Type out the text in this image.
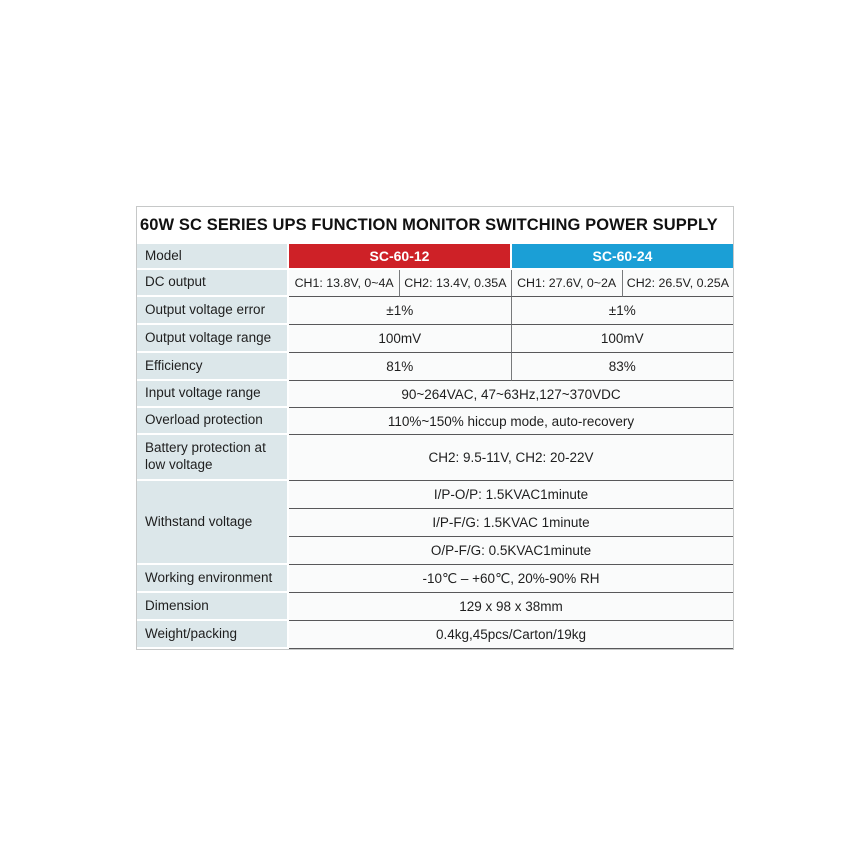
60W SC SERIES UPS FUNCTION MONITOR SWITCHING POWER SUPPLY
Model	SC-60-12	SC-60-24
DC output	CH1: 13.8V, 0~4A CH2: 13.4V, 0.35A CH1: 27.6V, 0~2A CH2: 26.5V, 0.25A
Output voltage error	±1%	±1%
Output voltage range	100mV	100mV
Efficiency	81%	83%
Input voltage range	90~264VAC, 47~63Hz,127~370VDC
Overload protection	110%~150% hiccup mode, auto-recovery
Battery protection at low voltage	CH2: 9.5-11V, CH2: 20-22V
Withstand voltage
I/P-O/P: 1.5KVAC1minute
I/P-F/G: 1.5KVAC 1minute
O/P-F/G: 0.5KVAC1minute
Working environment	-10℃ – +60℃, 20%-90% RH
Dimension	129 x 98 x 38mm
Weight/packing	0.4kg,45pcs/Carton/19kg
